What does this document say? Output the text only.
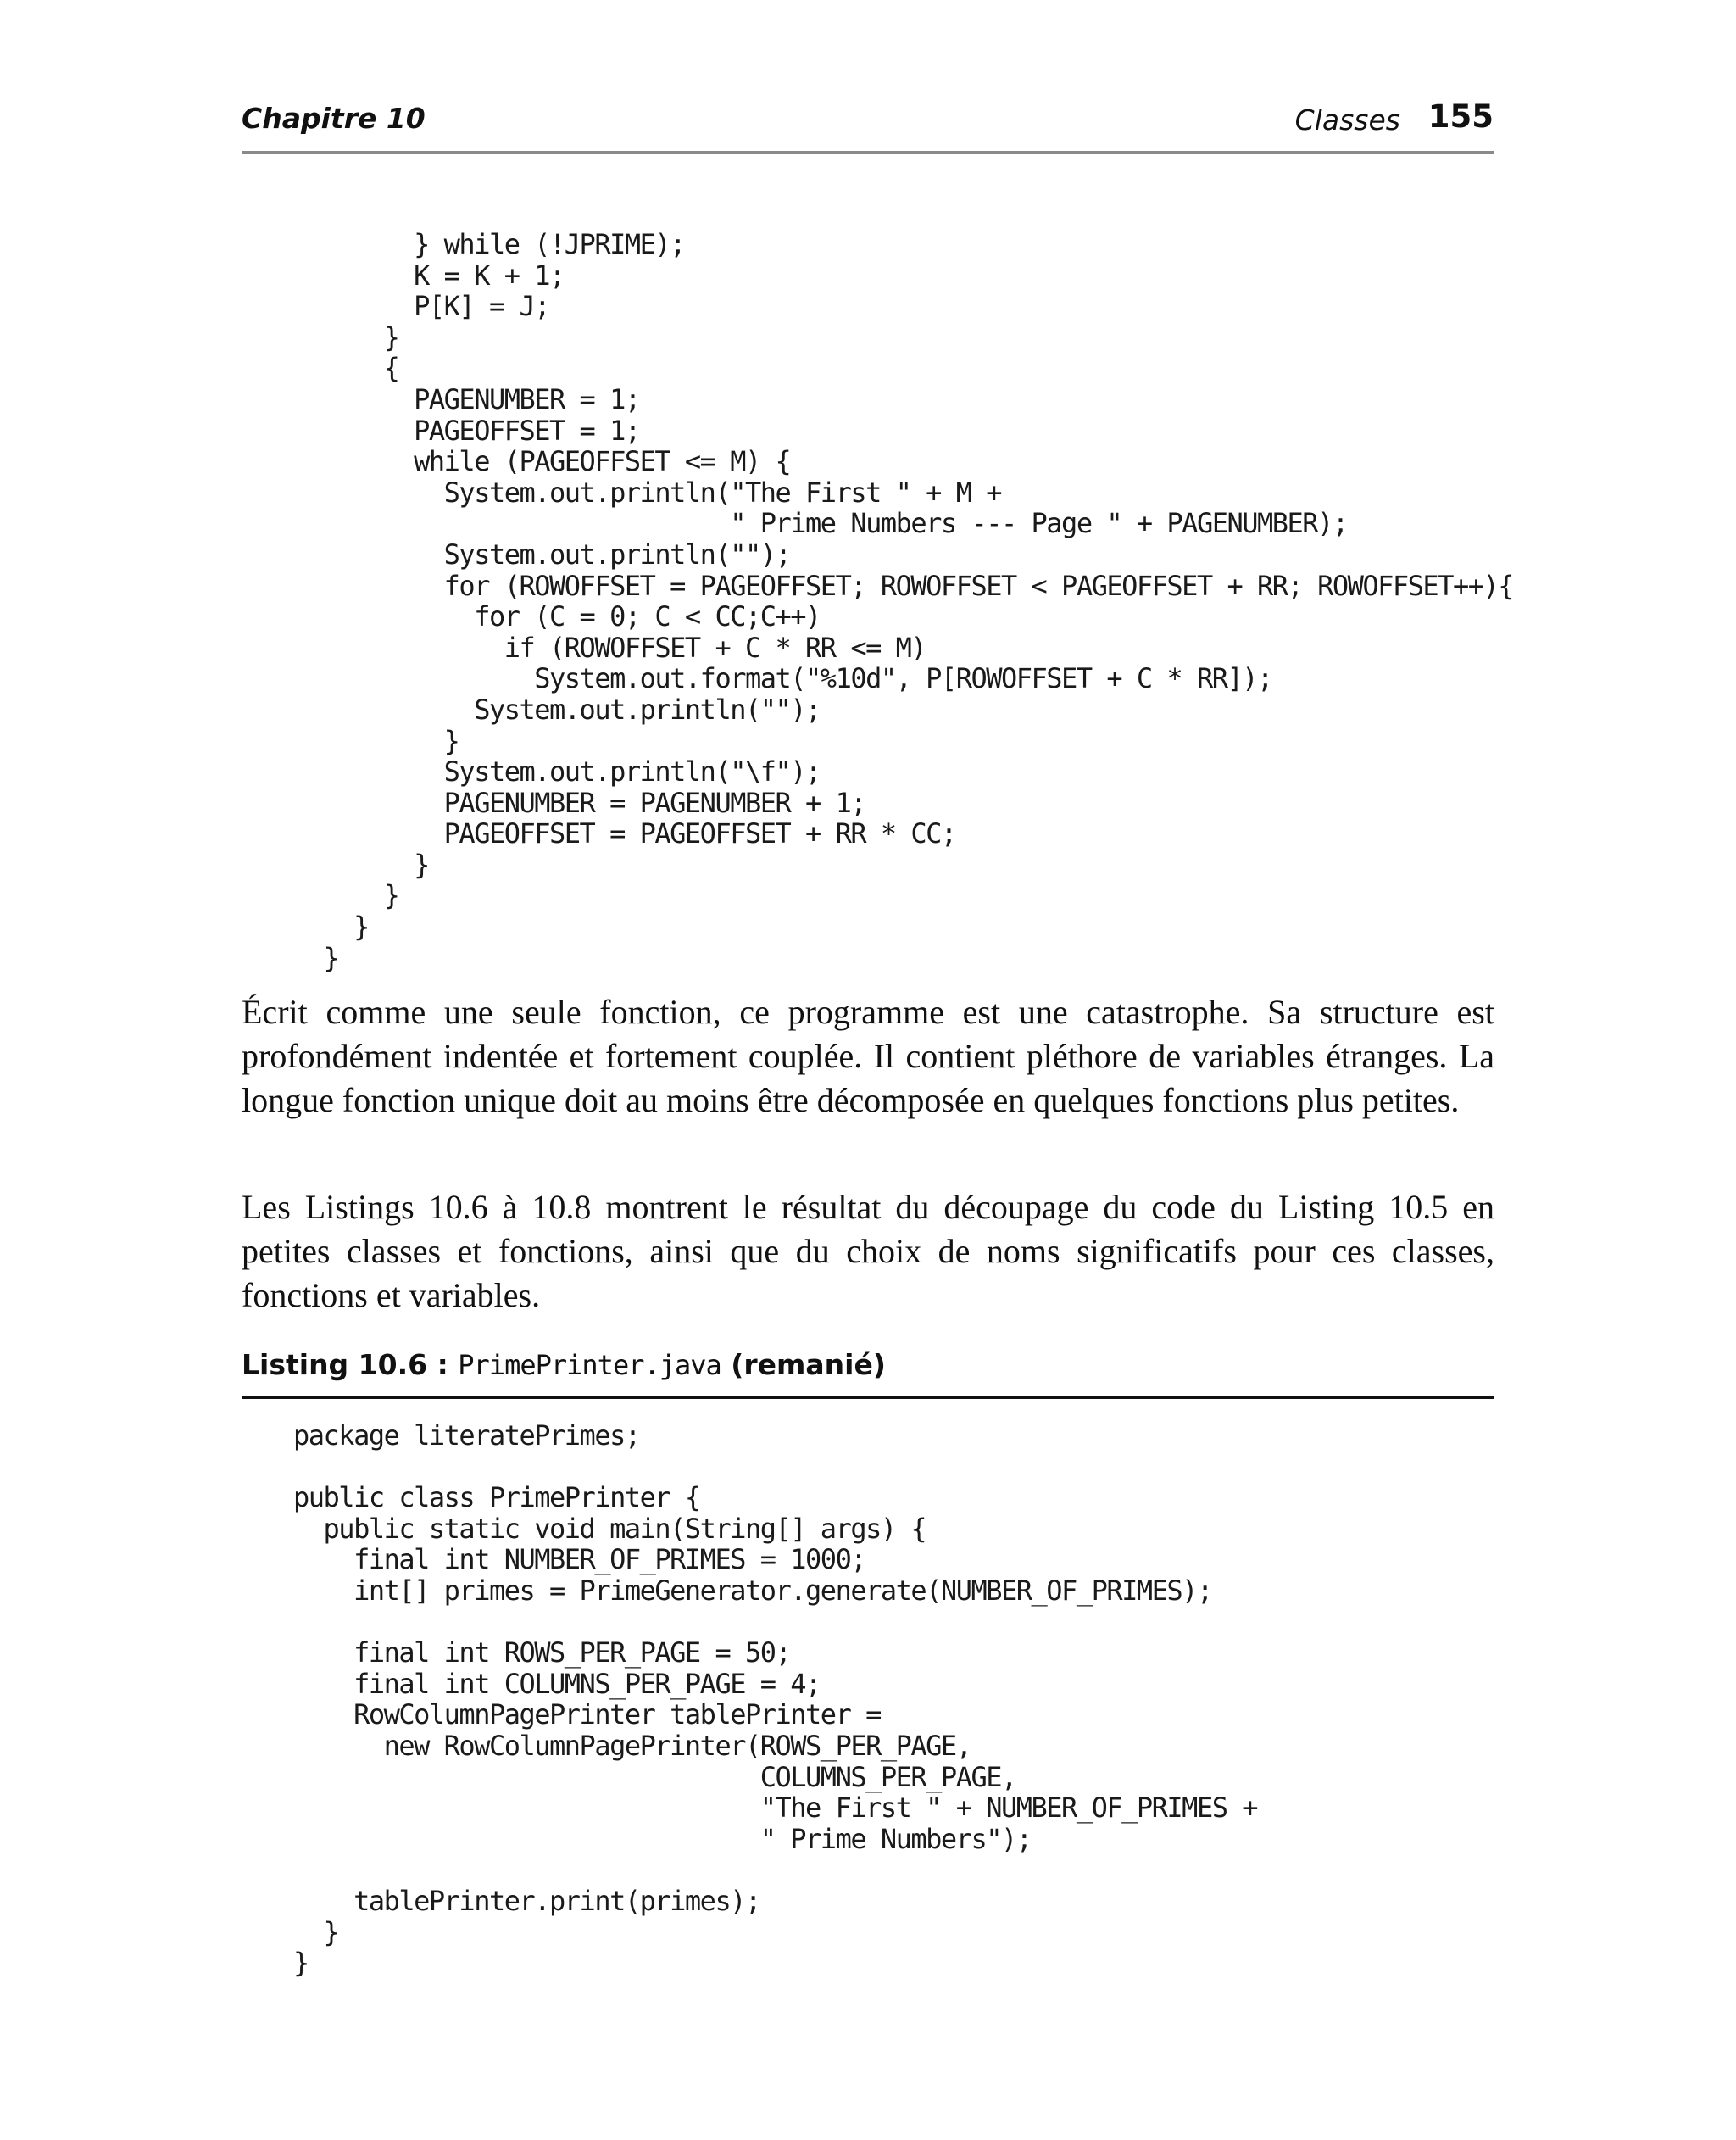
Chapitre 10	Classes 155
} while (!JPRIME);
K = K + 1;
P[K] = J;
}
{
PAGENUMBER = 1;
PAGEOFFSET = 1;
while (PAGEOFFSET <= M) {
System.out.println("The First " + M +
" Prime Numbers --- Page " + PAGENUMBER);
System.out.println("");
for (ROWOFFSET = PAGEOFFSET; ROWOFFSET < PAGEOFFSET + RR; ROWOFFSET++){
for (C = 0; C < CC;C++)
if (ROWOFFSET + C * RR <= M)
System.out.format("%10d", P[ROWOFFSET + C * RR]);
System.out.println("");
}
System.out.println("\f");
PAGENUMBER = PAGENUMBER + 1;
PAGEOFFSET = PAGEOFFSET + RR * CC;
}
}
}
}

Écrit comme une seule fonction, ce programme est une catastrophe. Sa structure est profondément indentée et fortement couplée. Il contient pléthore de variables étranges. La longue fonction unique doit au moins être décomposée en quelques fonctions plus petites.

Les Listings 10.6 à 10.8 montrent le résultat du découpage du code du Listing 10.5 en petites classes et fonctions, ainsi que du choix de noms significatifs pour ces classes, fonctions et variables.

Listing 10.6 : PrimePrinter.java (remanié)
package literatePrimes;

public class PrimePrinter {
public static void main(String[] args) {
final int NUMBER_OF_PRIMES = 1000;
int[] primes = PrimeGenerator.generate(NUMBER_OF_PRIMES);

final int ROWS_PER_PAGE = 50;
final int COLUMNS_PER_PAGE = 4;
RowColumnPagePrinter tablePrinter =
new RowColumnPagePrinter(ROWS_PER_PAGE,
COLUMNS_PER_PAGE,
"The First " + NUMBER_OF_PRIMES +
" Prime Numbers");

tablePrinter.print(primes);
}
}
